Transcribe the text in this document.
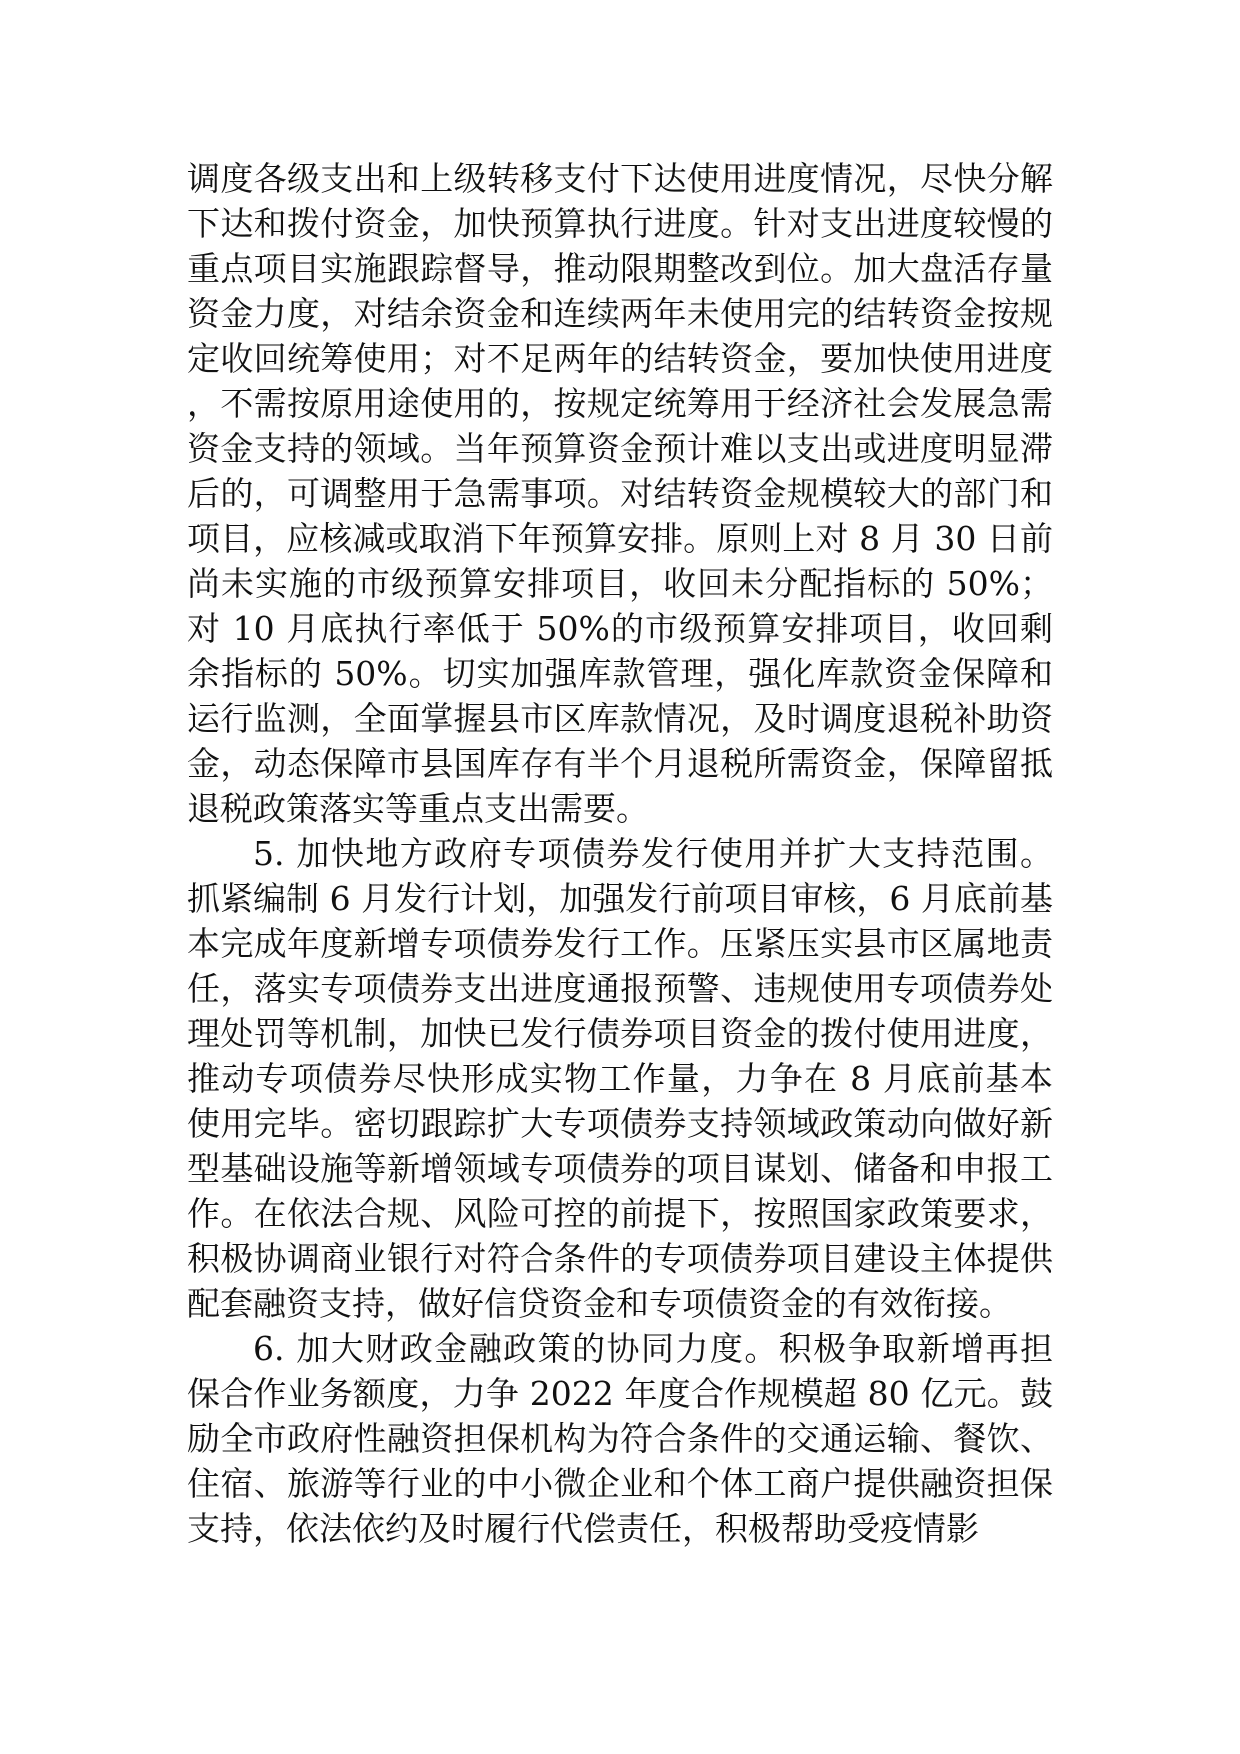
调度各级支出和上级转移支付下达使用进度情况，尽快分解下达和拨付资金，加快预算执行进度。针对支出进度较慢的重点项目实施跟踪督导，推动限期整改到位。加大盘活存量资金力度，对结余资金和连续两年未使用完的结转资金按规定收回统筹使用；对不足两年的结转资金，要加快使用进度，不需按原用途使用的，按规定统筹用于经济社会发展急需资金支持的领域。当年预算资金预计难以支出或进度明显滞后的，可调整用于急需事项。对结转资金规模较大的部门和项目，应核减或取消下年预算安排。原则上对 8 月 30 日前尚未实施的市级预算安排项目，收回未分配指标的 50%；对 10 月底执行率低于 50%的市级预算安排项目，收回剩余指标的 50%。切实加强库款管理，强化库款资金保障和运行监测，全面掌握县市区库款情况，及时调度退税补助资金，动态保障市县国库存有半个月退税所需资金，保障留抵退税政策落实等重点支出需要。

5. 加快地方政府专项债券发行使用并扩大支持范围。抓紧编制 6 月发行计划，加强发行前项目审核，6 月底前基本完成年度新增专项债券发行工作。压紧压实县市区属地责任，落实专项债券支出进度通报预警、违规使用专项债券处理处罚等机制，加快已发行债券项目资金的拨付使用进度，推动专项债券尽快形成实物工作量，力争在 8 月底前基本使用完毕。密切跟踪扩大专项债券支持领域政策动向做好新型基础设施等新增领域专项债券的项目谋划、储备和申报工作。在依法合规、风险可控的前提下，按照国家政策要求，积极协调商业银行对符合条件的专项债券项目建设主体提供配套融资支持，做好信贷资金和专项债资金的有效衔接。

6. 加大财政金融政策的协同力度。积极争取新增再担保合作业务额度，力争 2022 年度合作规模超 80 亿元。鼓励全市政府性融资担保机构为符合条件的交通运输、餐饮、住宿、旅游等行业的中小微企业和个体工商户提供融资担保支持，依法依约及时履行代偿责任，积极帮助受疫情影
